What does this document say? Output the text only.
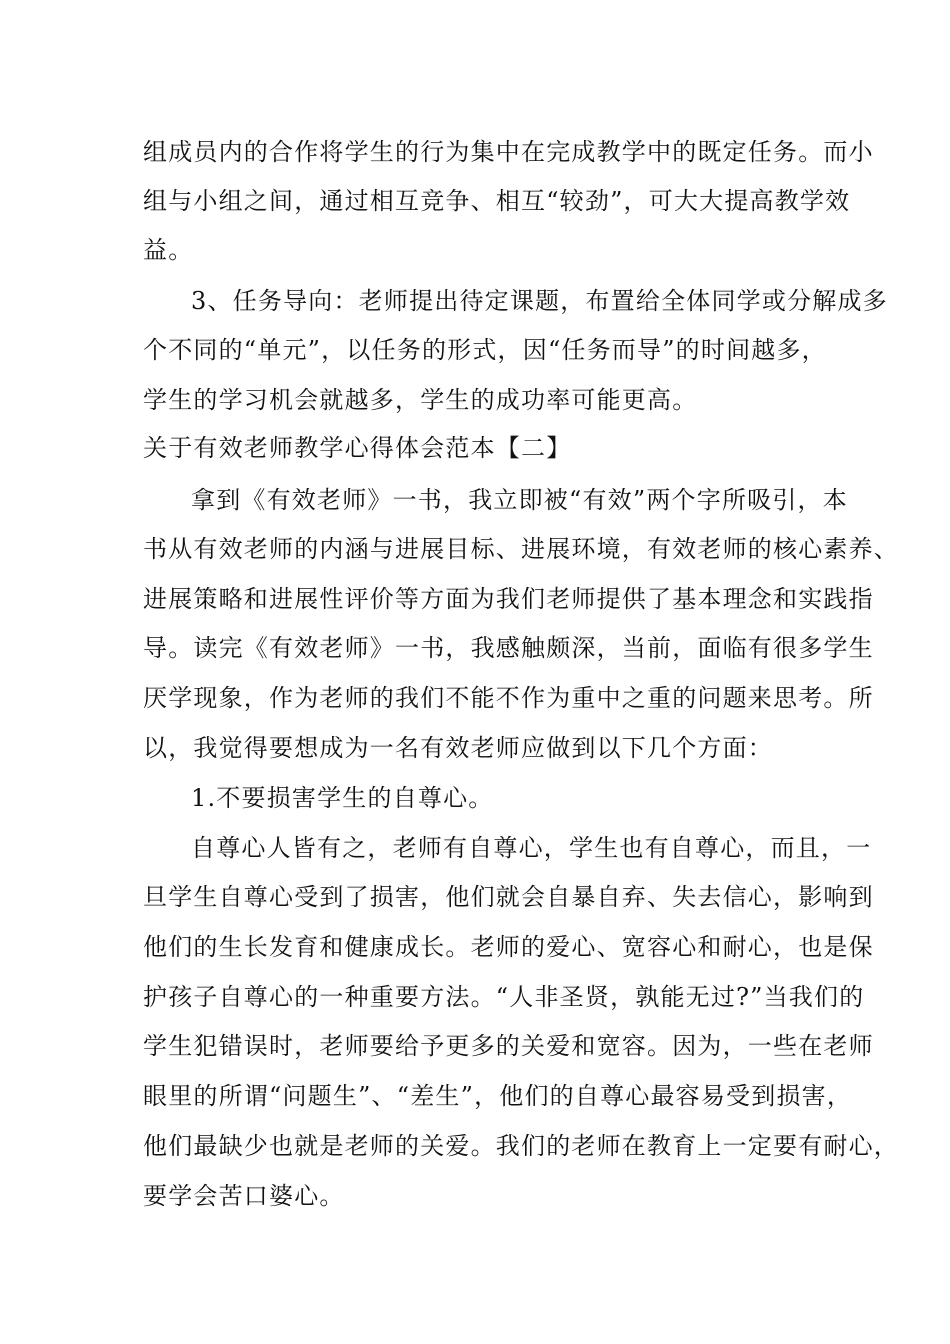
组成员内的合作将学生的行为集中在完成教学中的既定任务。而小
组与小组之间，通过相互竞争、相互“较劲”，可大大提高教学效
益。
3、任务导向：老师提出待定课题，布置给全体同学或分解成多
个不同的“单元”，以任务的形式，因“任务而导”的时间越多，
学生的学习机会就越多，学生的成功率可能更高。
关于有效老师教学心得体会范本【二】
拿到《有效老师》一书，我立即被“有效”两个字所吸引，本
书从有效老师的内涵与进展目标、进展环境，有效老师的核心素养、
进展策略和进展性评价等方面为我们老师提供了基本理念和实践指
导。读完《有效老师》一书，我感触颇深，当前，面临有很多学生
厌学现象，作为老师的我们不能不作为重中之重的问题来思考。所
以，我觉得要想成为一名有效老师应做到以下几个方面：
1.不要损害学生的自尊心。
自尊心人皆有之，老师有自尊心，学生也有自尊心，而且，一
旦学生自尊心受到了损害，他们就会自暴自弃、失去信心，影响到
他们的生长发育和健康成长。老师的爱心、宽容心和耐心，也是保
护孩子自尊心的一种重要方法。“人非圣贤，孰能无过?”当我们的
学生犯错误时，老师要给予更多的关爱和宽容。因为，一些在老师
眼里的所谓“问题生”、“差生”，他们的自尊心最容易受到损害，
他们最缺少也就是老师的关爱。我们的老师在教育上一定要有耐心，
要学会苦口婆心。
